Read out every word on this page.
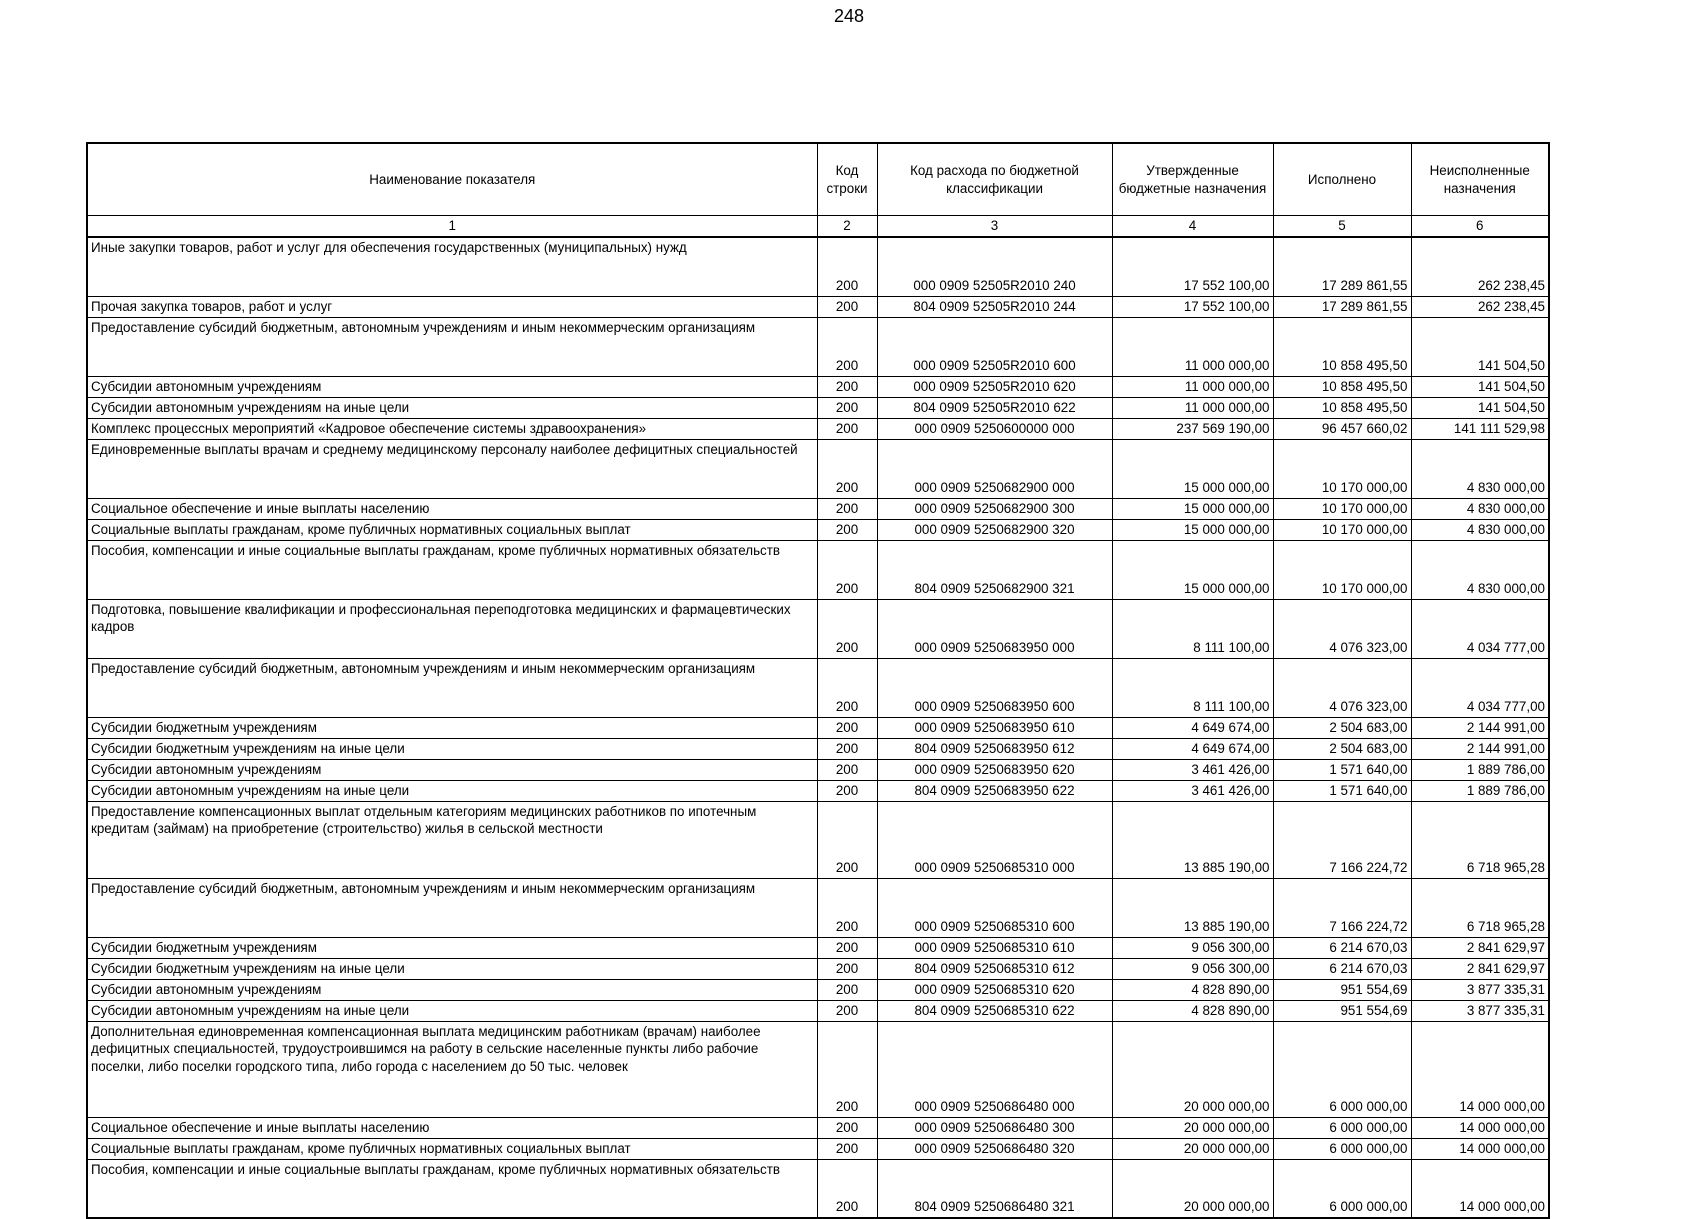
248
Наименование показателя	Код строки	Код расхода по бюджетной классификации	Утвержденные бюджетные назначения	Исполнено	Неисполненные назначения
1	2	3	4	5	6
Иные закупки товаров, работ и услуг для обеспечения государственных (муниципальных) нужд	200	000 0909 52505R2010 240	17 552 100,00	17 289 861,55	262 238,45
Прочая закупка товаров, работ и услуг	200	804 0909 52505R2010 244	17 552 100,00	17 289 861,55	262 238,45
Предоставление субсидий бюджетным, автономным учреждениям и иным некоммерческим организациям	200	000 0909 52505R2010 600	11 000 000,00	10 858 495,50	141 504,50
Субсидии автономным учреждениям	200	000 0909 52505R2010 620	11 000 000,00	10 858 495,50	141 504,50
Субсидии автономным учреждениям на иные цели	200	804 0909 52505R2010 622	11 000 000,00	10 858 495,50	141 504,50
Комплекс процессных мероприятий «Кадровое обеспечение системы здравоохранения»	200	000 0909 5250600000 000	237 569 190,00	96 457 660,02	141 111 529,98
Единовременные выплаты врачам и среднему медицинскому персоналу наиболее дефицитных специальностей	200	000 0909 5250682900 000	15 000 000,00	10 170 000,00	4 830 000,00
Социальное обеспечение и иные выплаты населению	200	000 0909 5250682900 300	15 000 000,00	10 170 000,00	4 830 000,00
Социальные выплаты гражданам, кроме публичных нормативных социальных выплат	200	000 0909 5250682900 320	15 000 000,00	10 170 000,00	4 830 000,00
Пособия, компенсации и иные социальные выплаты гражданам, кроме публичных нормативных обязательств	200	804 0909 5250682900 321	15 000 000,00	10 170 000,00	4 830 000,00
Подготовка, повышение квалификации и профессиональная переподготовка медицинских и фармацевтических кадров	200	000 0909 5250683950 000	8 111 100,00	4 076 323,00	4 034 777,00
Предоставление субсидий бюджетным, автономным учреждениям и иным некоммерческим организациям	200	000 0909 5250683950 600	8 111 100,00	4 076 323,00	4 034 777,00
Субсидии бюджетным учреждениям	200	000 0909 5250683950 610	4 649 674,00	2 504 683,00	2 144 991,00
Субсидии бюджетным учреждениям на иные цели	200	804 0909 5250683950 612	4 649 674,00	2 504 683,00	2 144 991,00
Субсидии автономным учреждениям	200	000 0909 5250683950 620	3 461 426,00	1 571 640,00	1 889 786,00
Субсидии автономным учреждениям на иные цели	200	804 0909 5250683950 622	3 461 426,00	1 571 640,00	1 889 786,00
Предоставление компенсационных выплат отдельным категориям медицинских работников по ипотечным кредитам (займам) на приобретение (строительство) жилья в сельской местности	200	000 0909 5250685310 000	13 885 190,00	7 166 224,72	6 718 965,28
Предоставление субсидий бюджетным, автономным учреждениям и иным некоммерческим организациям	200	000 0909 5250685310 600	13 885 190,00	7 166 224,72	6 718 965,28
Субсидии бюджетным учреждениям	200	000 0909 5250685310 610	9 056 300,00	6 214 670,03	2 841 629,97
Субсидии бюджетным учреждениям на иные цели	200	804 0909 5250685310 612	9 056 300,00	6 214 670,03	2 841 629,97
Субсидии автономным учреждениям	200	000 0909 5250685310 620	4 828 890,00	951 554,69	3 877 335,31
Субсидии автономным учреждениям на иные цели	200	804 0909 5250685310 622	4 828 890,00	951 554,69	3 877 335,31
Дополнительная единовременная компенсационная выплата медицинским работникам (врачам) наиболее дефицитных специальностей, трудоустроившимся на работу в сельские населенные пункты либо рабочие поселки, либо поселки городского типа, либо города с населением до 50 тыс. человек	200	000 0909 5250686480 000	20 000 000,00	6 000 000,00	14 000 000,00
Социальное обеспечение и иные выплаты населению	200	000 0909 5250686480 300	20 000 000,00	6 000 000,00	14 000 000,00
Социальные выплаты гражданам, кроме публичных нормативных социальных выплат	200	000 0909 5250686480 320	20 000 000,00	6 000 000,00	14 000 000,00
Пособия, компенсации и иные социальные выплаты гражданам, кроме публичных нормативных обязательств	200	804 0909 5250686480 321	20 000 000,00	6 000 000,00	14 000 000,00
